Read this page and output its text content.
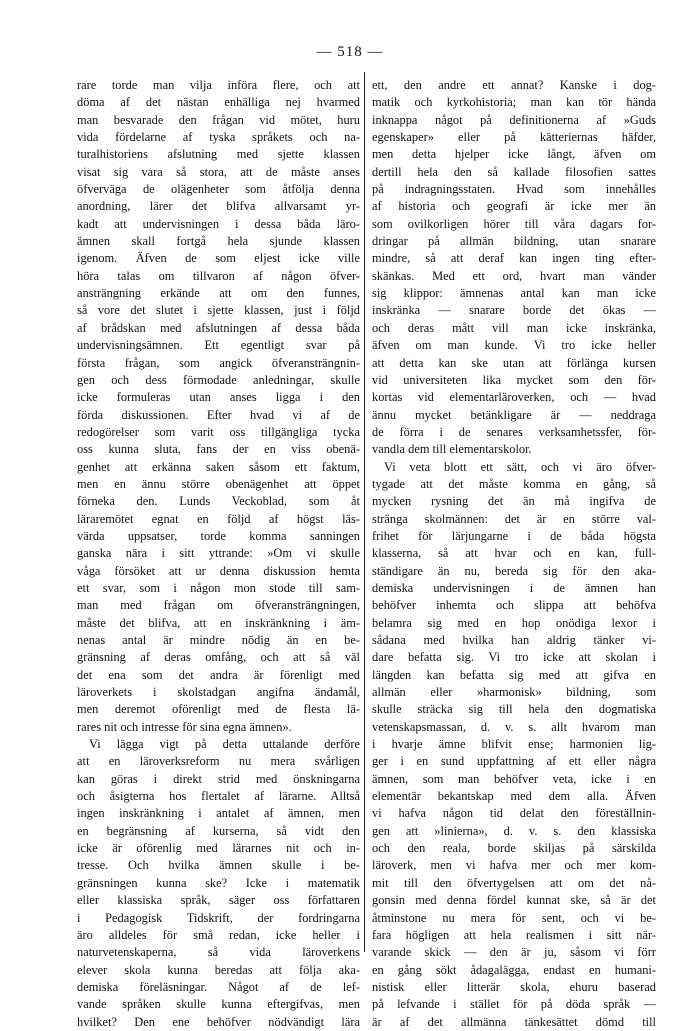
— 518 —
rare torde man vilja införa flere, och att
döma af det nästan enhälliga nej hvarmed
man besvarade den frågan vid mötet, huru
vida fördelarne af tyska språkets och na-
turalhistoriens afslutning med sjette klassen
visat sig vara så stora, att de måste anses
öfverväga de olägenheter som åtfölja denna
anordning, lärer det blifva allvarsamt yr-
kadt att undervisningen i dessa båda läro-
ämnen skall fortgå hela sjunde klassen
igenom. Äfven de som eljest icke ville
höra talas om tillvaron af någon öfver-
ansträngning erkände att om den funnes,
så vore det slutet i sjette klassen, just i följd
af brådskan med afslutningen af dessa båda
undervisningsämnen. Ett egentligt svar på
första frågan, som angick öfveransträngnin-
gen och dess förmodade anledningar, skulle
icke formuleras utan anses ligga i den
förda diskussionen. Efter hvad vi af de
redogörelser som varit oss tillgängliga tycka
oss kunna sluta, fans der en viss obenä-
genhet att erkänna saken såsom ett faktum,
men en ännu större obenägenhet att öppet
förneka den. Lunds Veckoblad, som åt
läraremötet egnat en följd af högst läs-
värda uppsatser, torde komma sanningen
ganska nära i sitt yttrande: »Om vi skulle
våga försöket att ur denna diskussion hemta
ett svar, som i någon mon stode till sam-
man med frågan om öfveransträngningen,
måste det blifva, att en inskränkning i äm-
nenas antal är mindre nödig än en be-
gränsning af deras omfång, och att så väl
det ena som det andra är förenligt med
läroverkets i skolstadgan angifna ändamål,
men deremot oförenligt med de flesta lä-
rares nit och intresse för sina egna ämnen».
Vi lägga vigt på detta uttalande derföre
att en läroverksreform nu mera svårligen
kan göras i direkt strid med önskningarna
och åsigterna hos flertalet af lärarne. Alltså
ingen inskränkning i antalet af ämnen, men
en begränsning af kurserna, så vidt den
icke är oförenlig med lärarnes nit och in-
tresse. Och hvilka ämnen skulle i be-
gränsningen kunna ske? Icke i matematik
eller klassiska språk, säger oss författaren
i Pedagogisk Tidskrift, der fordringarna
äro alldeles för små redan, icke heller i
naturvetenskaperna, så vida läroverkens
elever skola kunna beredas att följa aka-
demiska föreläsningar. Något af de lef-
vande språken skulle kunna eftergifvas, men
hvilket? Den ene behöfver nödvändigt lära
ett, den andre ett annat? Kanske i dog-
matik och kyrkohistoria; man kan tör hända
inknappa något på definitionerna af »Guds
egenskaper» eller på kätteriernas häfder,
men detta hjelper icke långt, äfven om
dertill hela den så kallade filosofien sattes
på indragningsstaten. Hvad som innehålles
af historia och geografi är icke mer än
som ovilkorligen hörer till våra dagars for-
dringar på allmän bildning, utan snarare
mindre, så att deraf kan ingen ting efter-
skänkas. Med ett ord, hvart man vänder
sig klippor: ämnenas antal kan man icke
inskränka — snarare borde det ökas —
och deras mått vill man icke inskränka,
äfven om man kunde. Vi tro icke heller
att detta kan ske utan att förlänga kursen
vid universiteten lika mycket som den för-
kortas vid elementarläroverken, och — hvad
ännu mycket betänkligare är — neddraga
de förra i de senares verksamhetssfer, för-
vandla dem till elementarskolor.
Vi veta blott ett sätt, och vi äro öfver-
tygade att det måste komma en gång, så
mycken rysning det än må ingifva de
stränga skolmännen: det är en större val-
frihet för lärjungarne i de båda högsta
klasserna, så att hvar och en kan, full-
ständigare än nu, bereda sig för den aka-
demiska undervisningen i de ämnen han
behöfver inhemta och slippa att behöfva
belamra sig med en hop onödiga lexor i
sådana med hvilka han aldrig tänker vi-
dare befatta sig. Vi tro icke att skolan i
längden kan befatta sig med att gifva en
allmän eller »harmonisk» bildning, som
skulle sträcka sig till hela den dogmatiska
vetenskapsmassan, d. v. s. allt hvarom man
i hvarje ämne blifvit ense; harmonien lig-
ger i en sund uppfattning af ett eller några
ämnen, som man behöfver veta, icke i en
elementär bekantskap med dem alla. Äfven
vi hafva någon tid delat den föreställnin-
gen att »linierna», d. v. s. den klassiska
och den reala, borde skiljas på särskilda
läroverk, men vi hafva mer och mer kom-
mit till den öfvertygelsen att om det nå-
gonsin med denna fördel kunnat ske, så är det
åtminstone nu mera för sent, och vi be-
fara högligen att hela realismen i sitt när-
varande skick — den är ju, såsom vi förr
en gång sökt ådagalägga, endast en humani-
nistisk eller litterär skola, ehuru baserad
på lefvande i stället för på döda språk —
är af det allmänna tänkesättet dömd till
